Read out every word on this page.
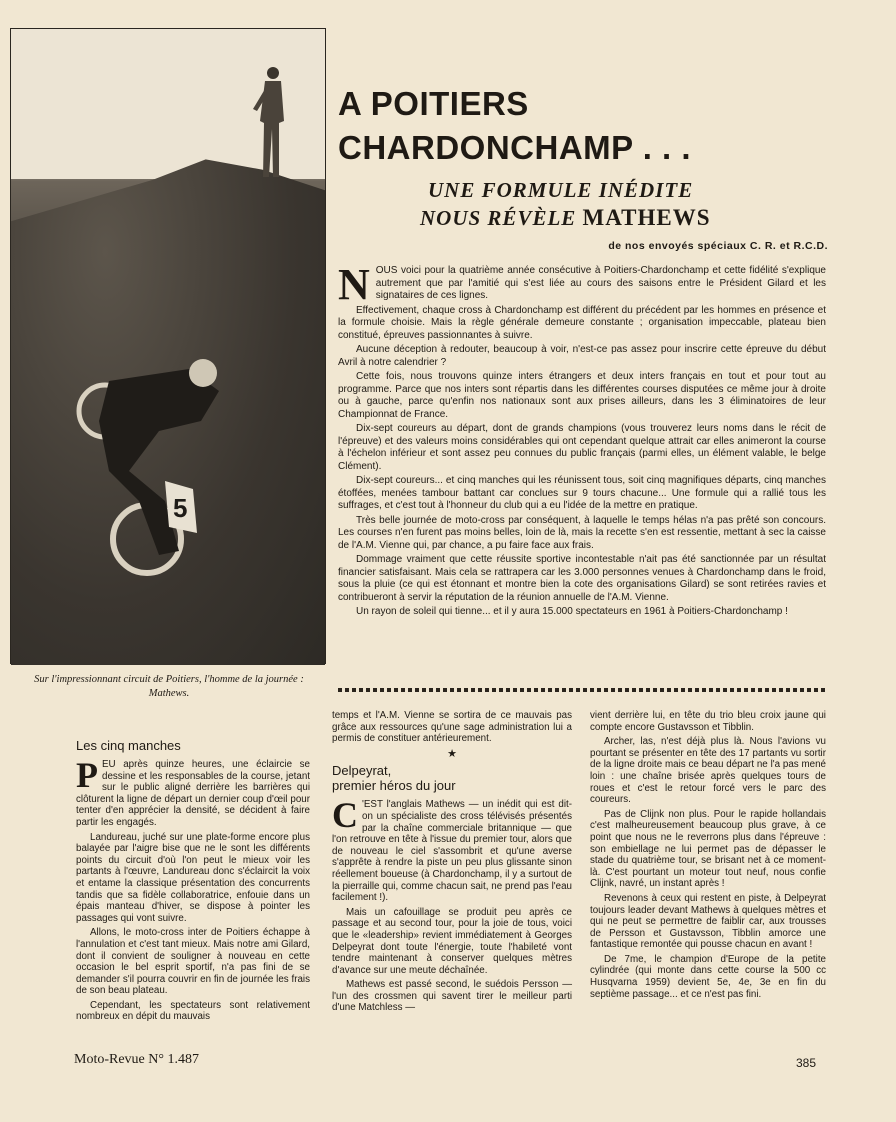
5
Sur l'impressionnant circuit de Poitiers, l'homme de la journée : Mathews.
A POITIERS
CHARDONCHAMP . . .
UNE FORMULE INÉDITE
NOUS RÉVÈLE MATHEWS
de nos envoyés spéciaux C. R. et R.C.D.

NOUS voici pour la quatrième année consécutive à Poitiers-Chardonchamp et cette fidélité s'explique autrement que par l'amitié qui s'est liée au cours des saisons entre le Président Gilard et les signataires de ces lignes.

Effectivement, chaque cross à Chardonchamp est différent du précédent par les hommes en présence et la formule choisie. Mais la règle générale demeure constante ; organisation impeccable, plateau bien constitué, épreuves passionnantes à suivre.

Aucune déception à redouter, beaucoup à voir, n'est-ce pas assez pour inscrire cette épreuve du début Avril à notre calendrier ?

Cette fois, nous trouvons quinze inters étrangers et deux inters français en tout et pour tout au programme. Parce que nos inters sont répartis dans les différentes courses disputées ce même jour à droite ou à gauche, parce qu'enfin nos nationaux sont aux prises ailleurs, dans les 3 éliminatoires de leur Championnat de France.

Dix-sept coureurs au départ, dont de grands champions (vous trouverez leurs noms dans le récit de l'épreuve) et des valeurs moins considérables qui ont cependant quelque attrait car elles animeront la course à l'échelon inférieur et sont assez peu connues du public français (parmi elles, un élément valable, le belge Clément).

Dix-sept coureurs... et cinq manches qui les réunissent tous, soit cinq magnifiques départs, cinq manches étoffées, menées tambour battant car conclues sur 9 tours chacune... Une formule qui a rallié tous les suffrages, et c'est tout à l'honneur du club qui a eu l'idée de la mettre en pratique.

Très belle journée de moto-cross par conséquent, à laquelle le temps hélas n'a pas prêté son concours. Les courses n'en furent pas moins belles, loin de là, mais la recette s'en est ressentie, mettant à sec la caisse de l'A.M. Vienne qui, par chance, a pu faire face aux frais.

Dommage vraiment que cette réussite sportive incontestable n'ait pas été sanctionnée par un résultat financier satisfaisant. Mais cela se rattrapera car les 3.000 personnes venues à Chardonchamp dans le froid, sous la pluie (ce qui est étonnant et montre bien la cote des organisations Gilard) se sont retirées ravies et contribueront à servir la réputation de la réunion annuelle de l'A.M. Vienne.

Un rayon de soleil qui tienne... et il y aura 15.000 spectateurs en 1961 à Poitiers-Chardonchamp !

Les cinq manches

PEU après quinze heures, une éclaircie se dessine et les responsables de la course, jetant sur le public aligné derrière les barrières qui clôturent la ligne de départ un dernier coup d'œil pour tenter d'en apprécier la densité, se décident à faire partir les engagés.

Landureau, juché sur une plate-forme encore plus balayée par l'aigre bise que ne le sont les différents points du circuit d'où l'on peut le mieux voir les partants à l'œuvre, Landureau donc s'éclaircit la voix et entame la classique présentation des concurrents tandis que sa fidèle collaboratrice, enfouie dans un épais manteau d'hiver, se dispose à pointer les passages qui vont suivre.

Allons, le moto-cross inter de Poitiers échappe à l'annulation et c'est tant mieux. Mais notre ami Gilard, dont il convient de souligner à nouveau en cette occasion le bel esprit sportif, n'a pas fini de se demander s'il pourra couvrir en fin de journée les frais de son beau plateau.

Cependant, les spectateurs sont relativement nombreux en dépit du mauvais

temps et l'A.M. Vienne se sortira de ce mauvais pas grâce aux ressources qu'une sage administration lui a permis de constituer antérieurement.

★

Delpeyrat,
premier héros du jour

C 'EST l'anglais Mathews — un inédit qui est dit-on un spécialiste des cross télévisés présentés par la chaîne commerciale britannique — que l'on retrouve en tête à l'issue du premier tour, alors que de nouveau le ciel s'assombrit et qu'une averse s'apprête à rendre la piste un peu plus glissante sinon réellement boueuse (à Chardonchamp, il y a surtout de la pierraille qui, comme chacun sait, ne prend pas l'eau facilement !).

Mais un cafouillage se produit peu après ce passage et au second tour, pour la joie de tous, voici que le «leadership» revient immédiatement à Georges Delpeyrat dont toute l'énergie, toute l'habileté vont tendre maintenant à conserver quelques mètres d'avance sur une meute déchaînée.

Mathews est passé second, le suédois Persson — l'un des crossmen qui savent tirer le meilleur parti d'une Matchless —

vient derrière lui, en tête du trio bleu croix jaune qui compte encore Gustavsson et Tibblin.

Archer, las, n'est déjà plus là. Nous l'avions vu pourtant se présenter en tête des 17 partants vu sortir de la ligne droite mais ce beau départ ne l'a pas mené loin : une chaîne brisée après quelques tours de roues et c'est le retour forcé vers le parc des coureurs.

Pas de Clijnk non plus. Pour le rapide hollandais c'est malheureusement beaucoup plus grave, à ce point que nous ne le reverrons plus dans l'épreuve : son embiellage ne lui permet pas de dépasser le stade du quatrième tour, se brisant net à ce moment-là. C'est pourtant un moteur tout neuf, nous confie Clijnk, navré, un instant après !

Revenons à ceux qui restent en piste, à Delpeyrat toujours leader devant Mathews à quelques mètres et qui ne peut se permettre de faiblir car, aux trousses de Persson et Gustavsson, Tibblin amorce une fantastique remontée qui pousse chacun en avant !

De 7me, le champion d'Europe de la petite cylindrée (qui monte dans cette course la 500 cc Husqvarna 1959) devient 5e, 4e, 3e en fin du septième passage... et ce n'est pas fini.

Moto-Revue N° 1.487	385
